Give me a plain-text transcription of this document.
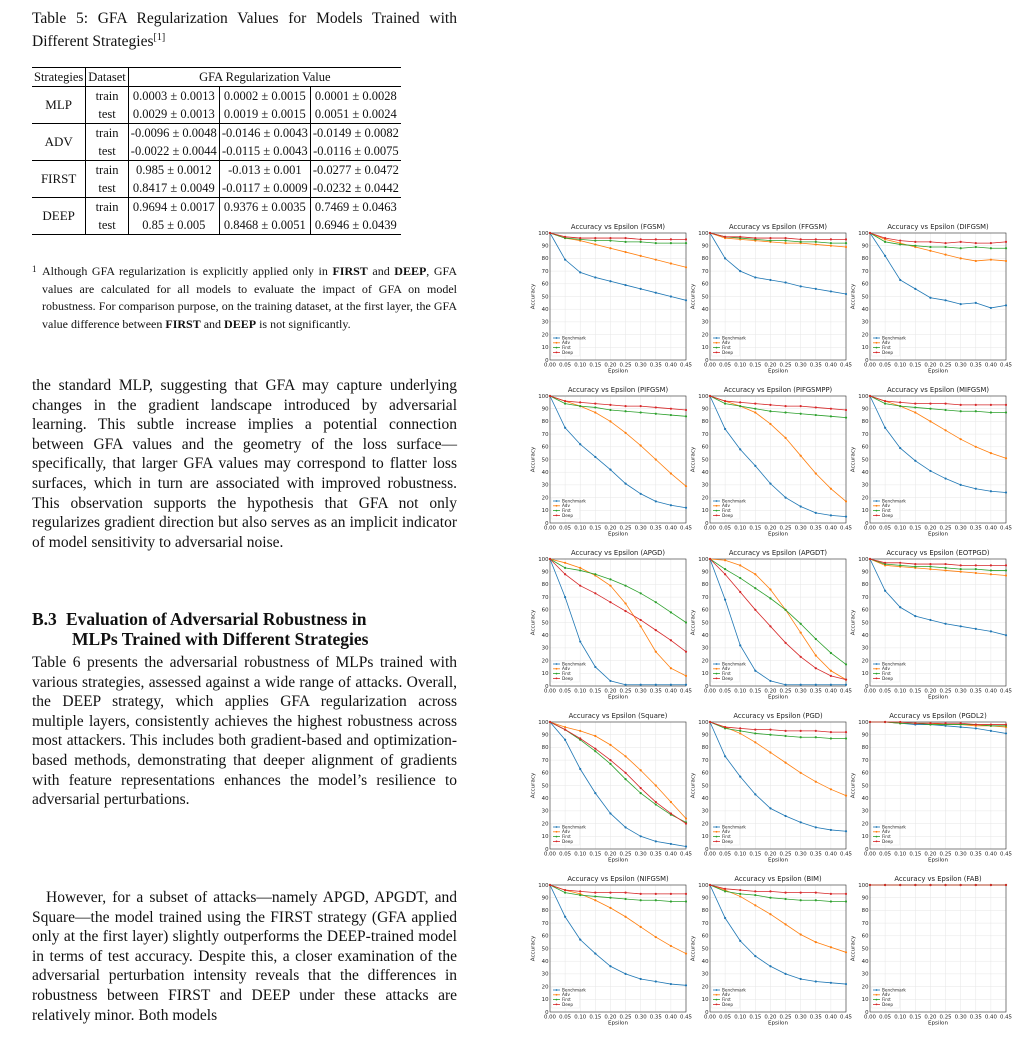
Table 5: GFA Regularization Values for Models Trained with Different Strategies[1]
Strategies	Dataset	GFA Regularization Value		
MLP	train	0.0003 ± 0.0013	0.0002 ± 0.0015	0.0001 ± 0.0028
	test	0.0029 ± 0.0013	0.0019 ± 0.0015	0.0051 ± 0.0024
ADV	train	-0.0096 ± 0.0048	-0.0146 ± 0.0043	-0.0149 ± 0.0082
	test	-0.0022 ± 0.0044	-0.0115 ± 0.0043	-0.0116 ± 0.0075
FIRST	train	0.985 ± 0.0012	-0.013 ± 0.001	-0.0277 ± 0.0472
	test	0.8417 ± 0.0049	-0.0117 ± 0.0009	-0.0232 ± 0.0442
DEEP	train	0.9694 ± 0.0017	0.9376 ± 0.0035	0.7469 ± 0.0463
	test	0.85 ± 0.005	0.8468 ± 0.0051	0.6946 ± 0.0439
1 Although GFA regularization is explicitly applied only in FIRST and DEEP, GFA values are calculated for all models to evaluate the impact of GFA on model robustness. For comparison purpose, on the training dataset, at the first layer, the GFA value difference between FIRST and DEEP is not significantly.
the standard MLP, suggesting that GFA may capture underlying changes in the gradient landscape introduced by adversarial learning. This subtle increase implies a potential connection between GFA values and the geometry of the loss surface—specifically, that larger GFA values may correspond to flatter loss surfaces, which in turn are associated with improved robustness. This observation supports the hypothesis that GFA not only regularizes gradient direction but also serves as an implicit indicator of model sensitivity to adversarial noise.
B.3 Evaluation of Adversarial Robustness in
MLPs Trained with Different Strategies
Table 6 presents the adversarial robustness of MLPs trained with various strategies, assessed against a wide range of attacks. Overall, the DEEP strategy, which applies GFA regularization across multiple layers, consistently achieves the highest robustness across most attackers. This includes both gradient-based and optimization-based methods, demonstrating that deeper alignment of gradients with feature representations enhances the model’s resilience to adversarial perturbations.
However, for a subset of attacks—namely APGD, APGDT, and Square—the model trained using the FIRST strategy (GFA applied only at the first layer) slightly outperforms the DEEP-trained model in terms of test accuracy. Despite this, a closer examination of the adversarial perturbation intensity reveals that the differences in robustness between FIRST and DEEP under these attacks are relatively minor. Both models
Accuracy vs Epsilon (FGSM)
0
10
20
30
40
50
60
70
80
90
100
0.00 0.05 0.10 0.15 0.20 0.25 0.30 0.35 0.40 0.45
Epsilon
Accuracy
Benchmark
Adv
First
Deep
Accuracy vs Epsilon (FFGSM)
0
10
20
30
40
50
60
70
80
90
100
0.00 0.05 0.10 0.15 0.20 0.25 0.30 0.35 0.40 0.45
Epsilon
Accuracy
Benchmark
Adv
First
Deep
Accuracy vs Epsilon (DIFGSM)
0
10
20
30
40
50
60
70
80
90
100
0.00 0.05 0.10 0.15 0.20 0.25 0.30 0.35 0.40 0.45
Epsilon
Accuracy
Benchmark
Adv
First
Deep
Accuracy vs Epsilon (PIFGSM)
0
10
20
30
40
50
60
70
80
90
100
0.00 0.05 0.10 0.15 0.20 0.25 0.30 0.35 0.40 0.45
Epsilon
Accuracy
Benchmark
Adv
First
Deep
Accuracy vs Epsilon (PIFGSMPP)
0
10
20
30
40
50
60
70
80
90
100
0.00 0.05 0.10 0.15 0.20 0.25 0.30 0.35 0.40 0.45
Epsilon
Accuracy
Benchmark
Adv
First
Deep
Accuracy vs Epsilon (MIFGSM)
0
10
20
30
40
50
60
70
80
90
100
0.00 0.05 0.10 0.15 0.20 0.25 0.30 0.35 0.40 0.45
Epsilon
Accuracy
Benchmark
Adv
First
Deep
Accuracy vs Epsilon (APGD)
0
10
20
30
40
50
60
70
80
90
100
0.00 0.05 0.10 0.15 0.20 0.25 0.30 0.35 0.40 0.45
Epsilon
Accuracy
Benchmark
Adv
First
Deep
Accuracy vs Epsilon (APGDT)
0
10
20
30
40
50
60
70
80
90
100
0.00 0.05 0.10 0.15 0.20 0.25 0.30 0.35 0.40 0.45
Epsilon
Accuracy
Benchmark
Adv
First
Deep
Accuracy vs Epsilon (EOTPGD)
0
10
20
30
40
50
60
70
80
90
100
0.00 0.05 0.10 0.15 0.20 0.25 0.30 0.35 0.40 0.45
Epsilon
Accuracy
Benchmark
Adv
First
Deep
Accuracy vs Epsilon (Square)
0
10
20
30
40
50
60
70
80
90
100
0.00 0.05 0.10 0.15 0.20 0.25 0.30 0.35 0.40 0.45
Epsilon
Accuracy
Benchmark
Adv
First
Deep
Accuracy vs Epsilon (PGD)
0
10
20
30
40
50
60
70
80
90
100
0.00 0.05 0.10 0.15 0.20 0.25 0.30 0.35 0.40 0.45
Epsilon
Accuracy
Benchmark
Adv
First
Deep
Accuracy vs Epsilon (PGDL2)
0
10
20
30
40
50
60
70
80
90
100
0.00 0.05 0.10 0.15 0.20 0.25 0.30 0.35 0.40 0.45
Epsilon
Accuracy
Benchmark
Adv
First
Deep
Accuracy vs Epsilon (NIFGSM)
0
10
20
30
40
50
60
70
80
90
100
0.00 0.05 0.10 0.15 0.20 0.25 0.30 0.35 0.40 0.45
Epsilon
Accuracy
Benchmark
Adv
First
Deep
Accuracy vs Epsilon (BIM)
0
10
20
30
40
50
60
70
80
90
100
0.00 0.05 0.10 0.15 0.20 0.25 0.30 0.35 0.40 0.45
Epsilon
Accuracy
Benchmark
Adv
First
Deep
Accuracy vs Epsilon (FAB)
0
10
20
30
40
50
60
70
80
90
100
0.00 0.05 0.10 0.15 0.20 0.25 0.30 0.35 0.40 0.45
Epsilon
Accuracy
Benchmark
Adv
First
Deep
